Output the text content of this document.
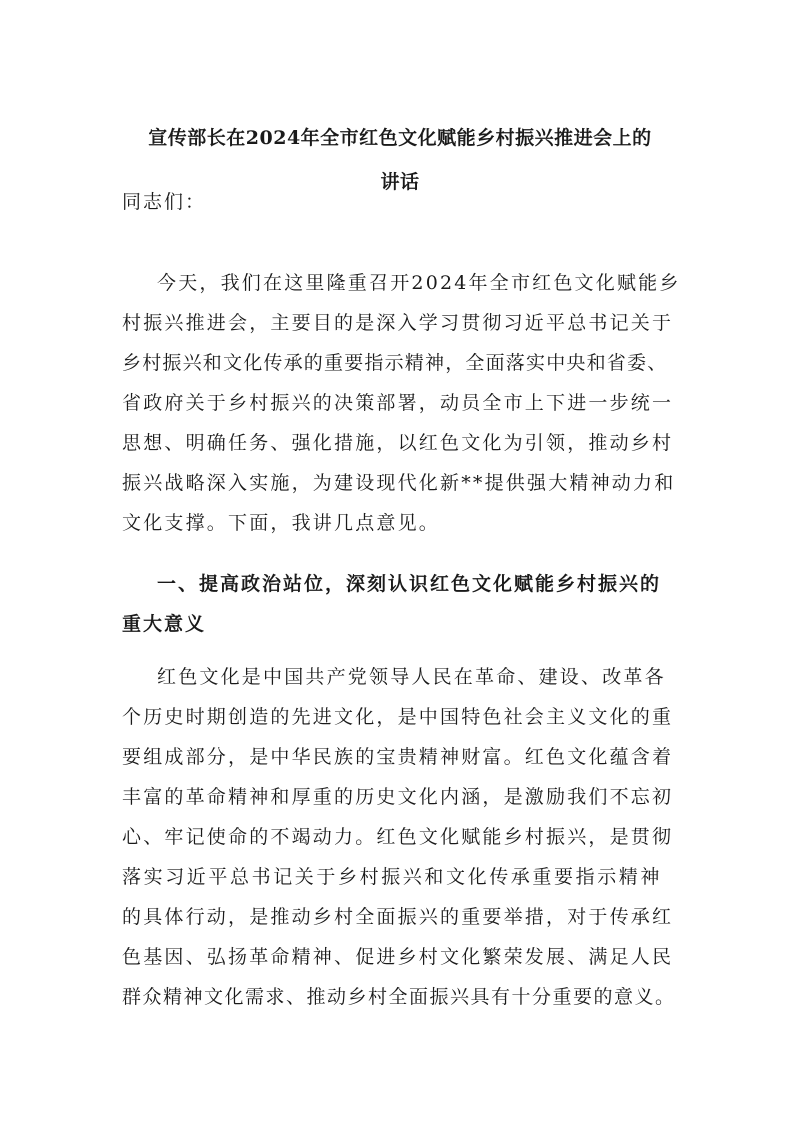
宣传部长在2024年全市红色文化赋能乡村振兴推进会上的
讲话
同志们：
今天，我们在这里隆重召开2024年全市红色文化赋能乡
村振兴推进会，主要目的是深入学习贯彻习近平总书记关于
乡村振兴和文化传承的重要指示精神，全面落实中央和省委、
省政府关于乡村振兴的决策部署，动员全市上下进一步统一
思想、明确任务、强化措施，以红色文化为引领，推动乡村
振兴战略深入实施，为建设现代化新**提供强大精神动力和
文化支撑。下面，我讲几点意见。
一、提高政治站位，深刻认识红色文化赋能乡村振兴的
重大意义
红色文化是中国共产党领导人民在革命、建设、改革各
个历史时期创造的先进文化，是中国特色社会主义文化的重
要组成部分，是中华民族的宝贵精神财富。红色文化蕴含着
丰富的革命精神和厚重的历史文化内涵，是激励我们不忘初
心、牢记使命的不竭动力。红色文化赋能乡村振兴，是贯彻
落实习近平总书记关于乡村振兴和文化传承重要指示精神
的具体行动，是推动乡村全面振兴的重要举措，对于传承红
色基因、弘扬革命精神、促进乡村文化繁荣发展、满足人民
群众精神文化需求、推动乡村全面振兴具有十分重要的意义。
